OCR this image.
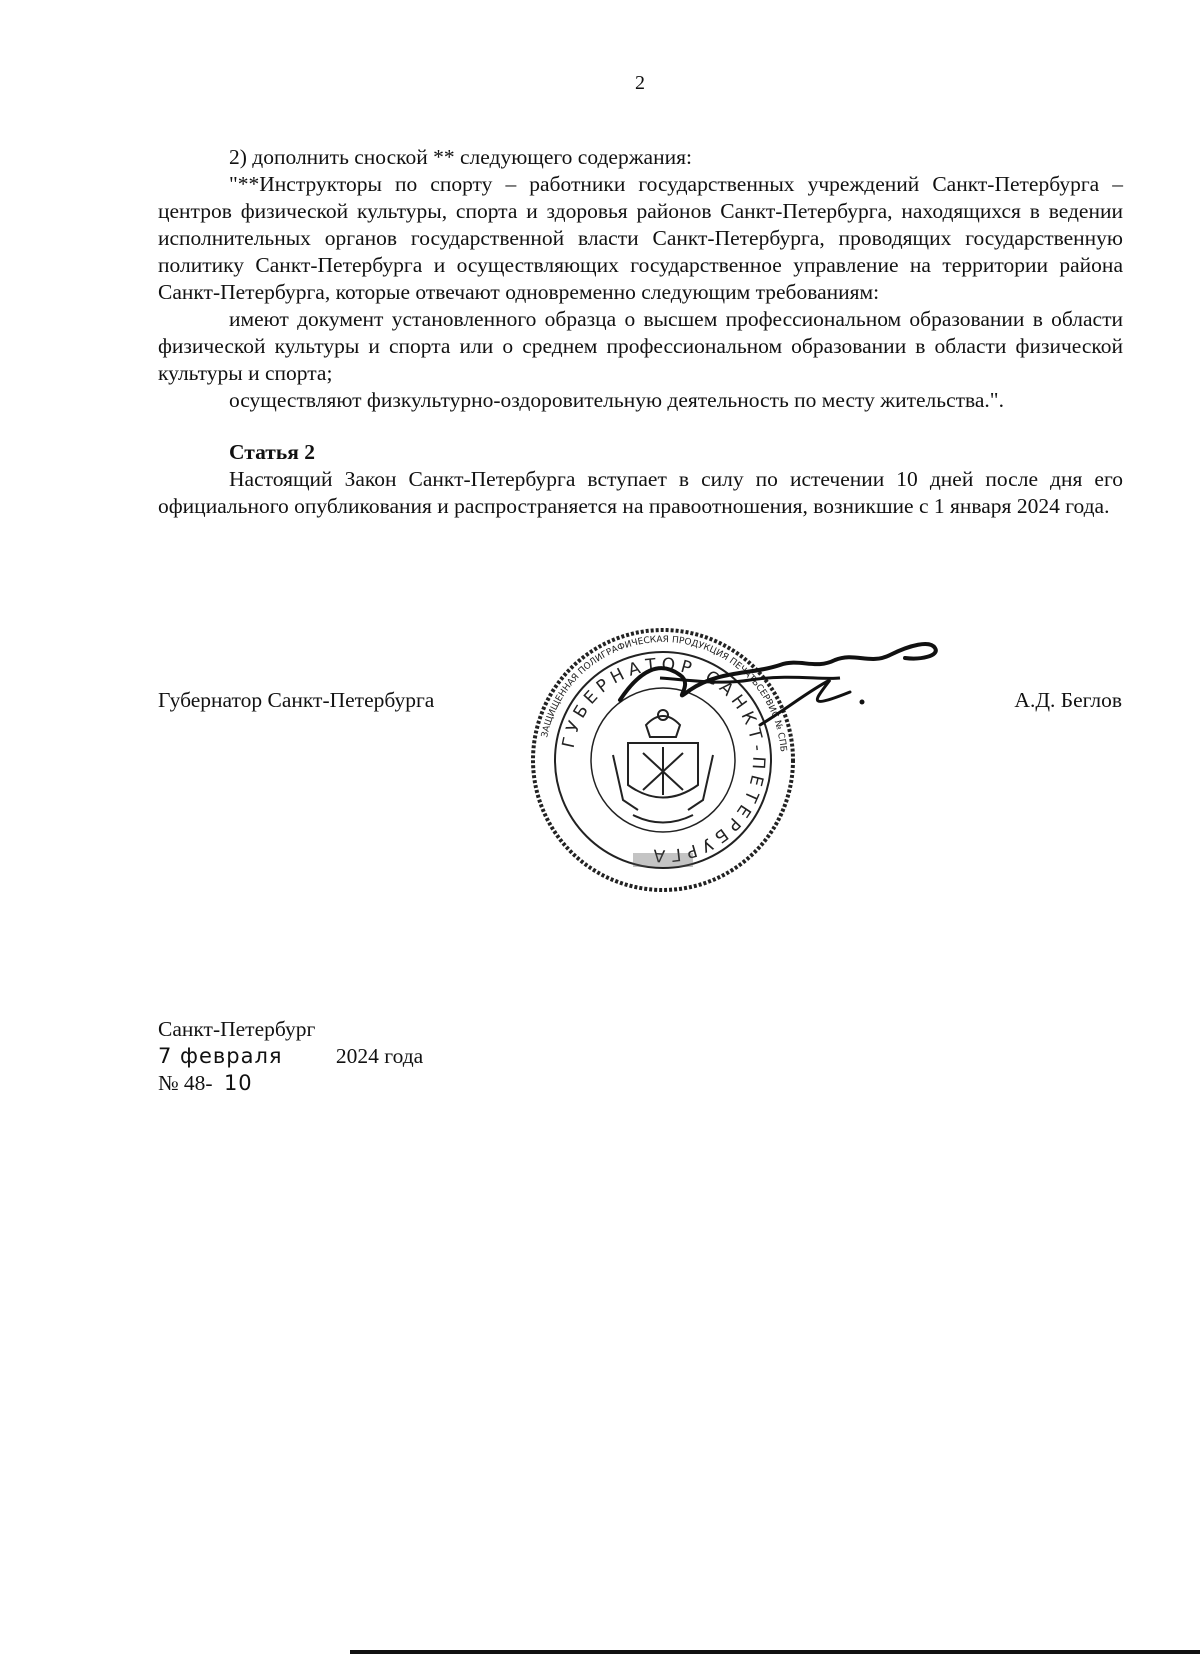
2

2) дополнить сноской ** следующего содержания:

"**Инструкторы по спорту – работники государственных учреждений Санкт-Петербурга – центров физической культуры, спорта и здоровья районов Санкт-Петербурга, находящихся в ведении исполнительных органов государственной власти Санкт-Петербурга, проводящих государственную политику Санкт-Петербурга и осуществляющих государственное управление на территории района Санкт-Петербурга, которые отвечают одновременно следующим требованиям:

имеют документ установленного образца о высшем профессиональном образовании в области физической культуры и спорта или о среднем профессиональном образовании в области физической культуры и спорта;

осуществляют физкультурно-оздоровительную деятельность по месту жительства.".

Статья 2

Настоящий Закон Санкт-Петербурга вступает в силу по истечении 10 дней после дня его официального опубликования и распространяется на правоотношения, возникшие с 1 января 2024 года.

Губернатор Санкт-Петербурга	А.Д. Беглов
ЗАЩИЩЕННАЯ ПОЛИГРАФИЧЕСКАЯ ПРОДУКЦИЯ ПЕЧАТЬСЕРВИС № СПБ
ГУБЕРНАТОР САНКТ-ПЕТЕРБУРГА
Санкт-Петербург
7 февраля 2024 года
№ 48- 10
